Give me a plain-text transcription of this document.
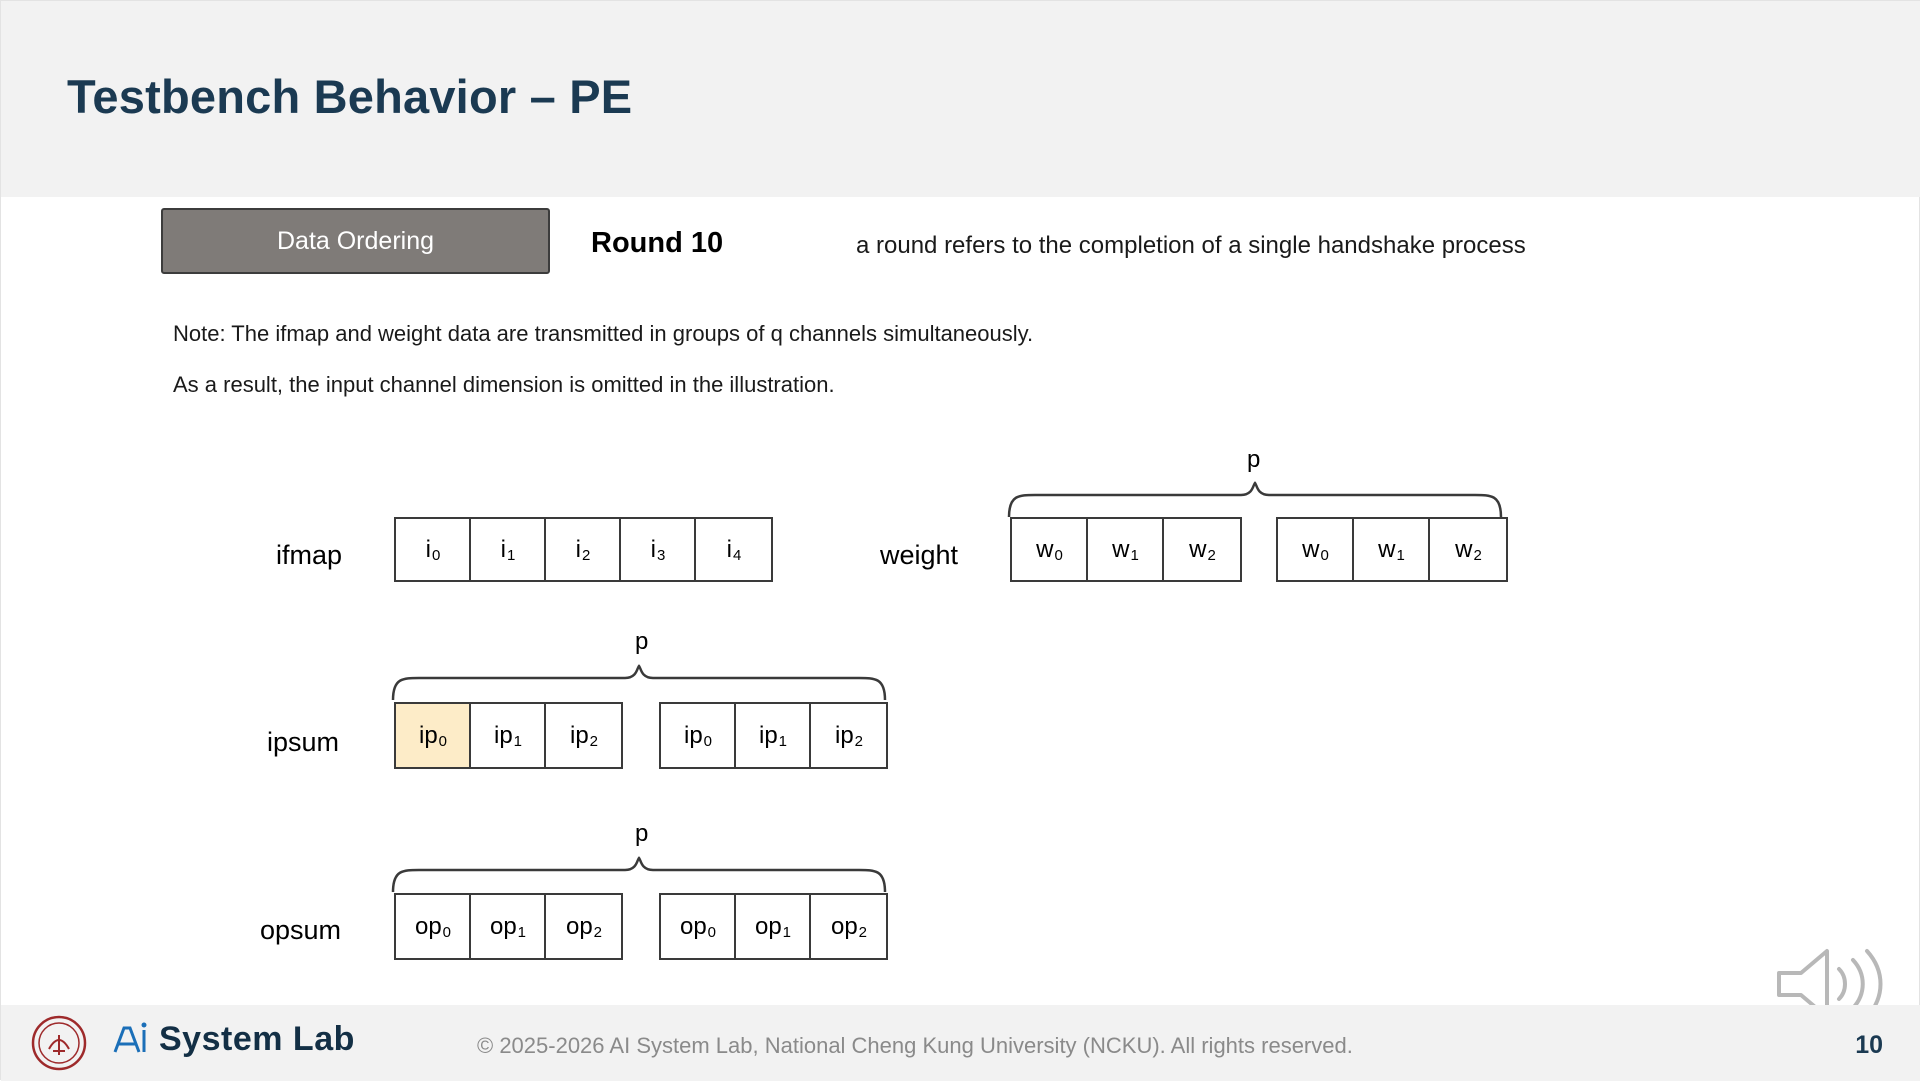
Testbench Behavior – PE
Data Ordering	Round 10	a round refers to the completion of a single handshake process
Note: The ifmap and weight data are transmitted in groups of q channels simultaneously.
As a result, the input channel dimension is omitted in the illustration.
ifmap	$i_0$	$i_1$	$i_2$	$i_3$	$i_4$	weight	$w_0$ $w_1$ $w_2$	$w_0$ $w_1$ $w_2$
p
ipsum	$ip_0$ $ip_1$ $ip_2$	$ip_0$ $ip_1$ $ip_2$
p
opsum	$op_0$ $op_1$ $op_2$	$op_0$ $op_1$ $op_2$
p
System Lab	© 2025-2026 AI System Lab, National Cheng Kung University (NCKU). All rights reserved.	10
